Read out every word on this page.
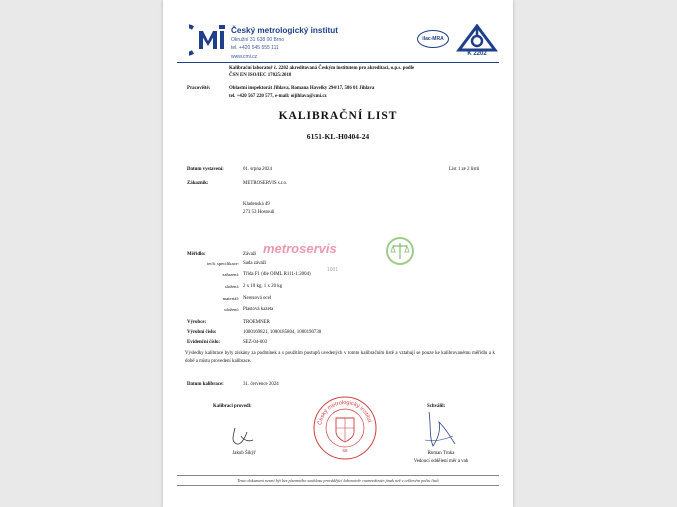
Český metrologický institut
Okružní 31 638 00 Brno
tel. +420 545 555 111
www.cmi.cz
ilac-MRA
K 2202
Kalibrační laboratoř č. 2202 akreditovaná Českým institutem pro akreditaci, o.p.s. podle
ČSN EN ISO/IEC 17025:2018
Pracoviště:	Oblastní inspektorát Jihlava, Romana Havelky 294/17, 586 01 Jihlava
tel. +420 567 220 577, e-mail: oijihlava@cmi.cz
KALIBRAČNÍ LIST
6151-KL-H0404-24
Datum vystavení:	01. srpna 2024	List 1 ze 2 listů
Zákazník:	METROSERVIS s.r.o.
Kladenská 49
273 53 Hostouň
metroservis
1001
Měřidlo:	Závaží
tech. specifikace: Sada závaží
zařazení: Třída F1 (dle OIML R111-1:2004)
složení: 2 x 10 kg, 1 x 20 kg
materiál: Nerezová ocel
uložení: Plastová kazeta
Výrobce:	TROEMNER
Výrobní číslo:	1000169821, 1000185804, 1000190730
Evidenční číslo:	SEZ-04-003
Výsledky kalibrace byly získány za podmínek a s použitím postupů uvedených v tomto kalibračním listě a vztahují se pouze ke kalibrovanému měřidlu a k době a místu provedení kalibrace.
Datum kalibrace:	31. července 2024
Kalibraci provedl:	Schválil:
Jakub Šikýř	Roman Trnka
Vedoucí oddělení měr a vah
Český metrologický institut
68
Tento dokument nesmí být bez písemného souhlasu provádějící laboratoře rozmnožován jinak než v celkovém počtu listů
